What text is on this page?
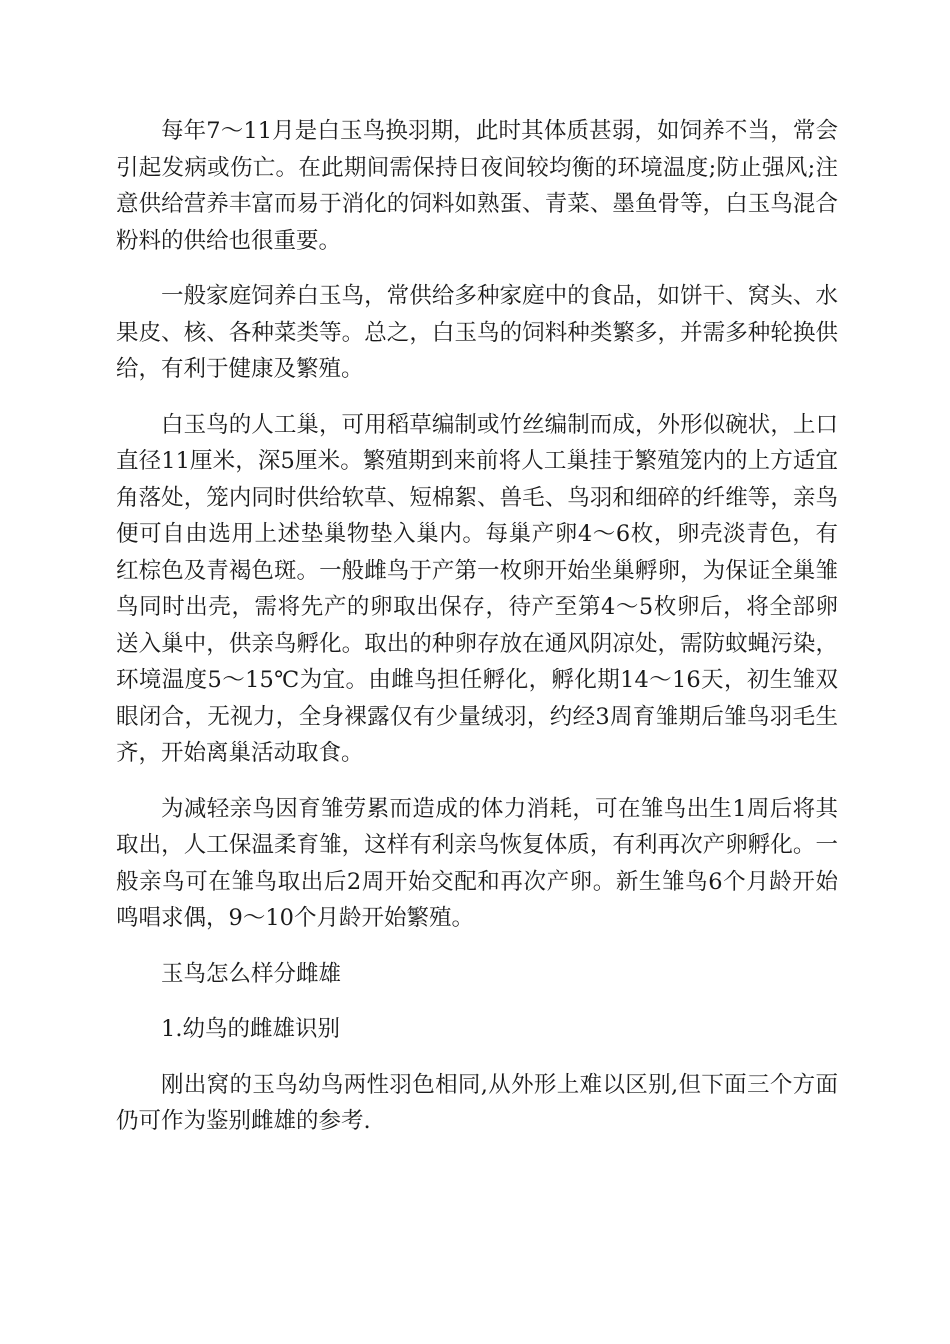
每年7～11月是白玉鸟换羽期，此时其体质甚弱，如饲养不当，常会引起发病或伤亡。在此期间需保持日夜间较均衡的环境温度;防止强风;注意供给营养丰富而易于消化的饲料如熟蛋、青菜、墨鱼骨等，白玉鸟混合粉料的供给也很重要。

一般家庭饲养白玉鸟，常供给多种家庭中的食品，如饼干、窝头、水果皮、核、各种菜类等。总之，白玉鸟的饲料种类繁多，并需多种轮换供给，有利于健康及繁殖。

白玉鸟的人工巢，可用稻草编制或竹丝编制而成，外形似碗状，上口直径11厘米，深5厘米。繁殖期到来前将人工巢挂于繁殖笼内的上方适宜角落处，笼内同时供给软草、短棉絮、兽毛、鸟羽和细碎的纤维等，亲鸟便可自由选用上述垫巢物垫入巢内。每巢产卵4～6枚，卵壳淡青色，有红棕色及青褐色斑。一般雌鸟于产第一枚卵开始坐巢孵卵，为保证全巢雏鸟同时出壳，需将先产的卵取出保存，待产至第4～5枚卵后，将全部卵送入巢中，供亲鸟孵化。取出的种卵存放在通风阴凉处，需防蚊蝇污染，环境温度5～15℃为宜。由雌鸟担任孵化，孵化期14～16天，初生雏双眼闭合，无视力，全身裸露仅有少量绒羽，约经3周育雏期后雏鸟羽毛生齐，开始离巢活动取食。

为减轻亲鸟因育雏劳累而造成的体力消耗，可在雏鸟出生1周后将其取出，人工保温柔育雏，这样有利亲鸟恢复体质，有利再次产卵孵化。一般亲鸟可在雏鸟取出后2周开始交配和再次产卵。新生雏鸟6个月龄开始鸣唱求偶，9～10个月龄开始繁殖。

玉鸟怎么样分雌雄

1.幼鸟的雌雄识别

刚出窝的玉鸟幼鸟两性羽色相同,从外形上难以区别,但下面三个方面仍可作为鉴别雌雄的参考.
